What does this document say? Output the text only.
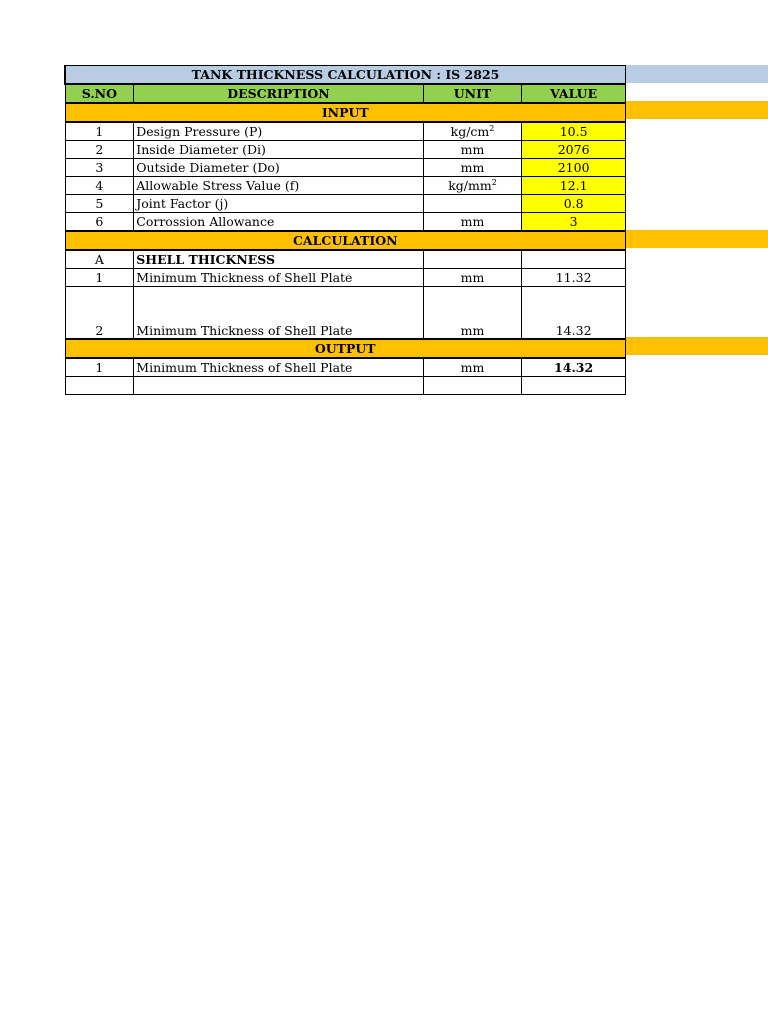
TANK THICKNESS CALCULATION : IS 2825			
S.NO	DESCRIPTION	UNIT	VALUE
INPUT			
1	Design Pressure (P)	$kg/cm^2$	10.5
2	Inside Diameter (Di)	mm	2076
3	Outside Diameter (Do)	mm	2100
4	Allowable Stress Value (f)	$kg/mm^2$	12.1
5	Joint Factor (j)		0.8
6	Corrossion Allowance	mm	3
CALCULATION			
A	SHELL THICKNESS		
1	Minimum Thickness of Shell Plate	mm	11.32
2	Minimum Thickness of Shell Plate	mm	14.32
OUTPUT			
1	Minimum Thickness of Shell Plate	mm	14.32
